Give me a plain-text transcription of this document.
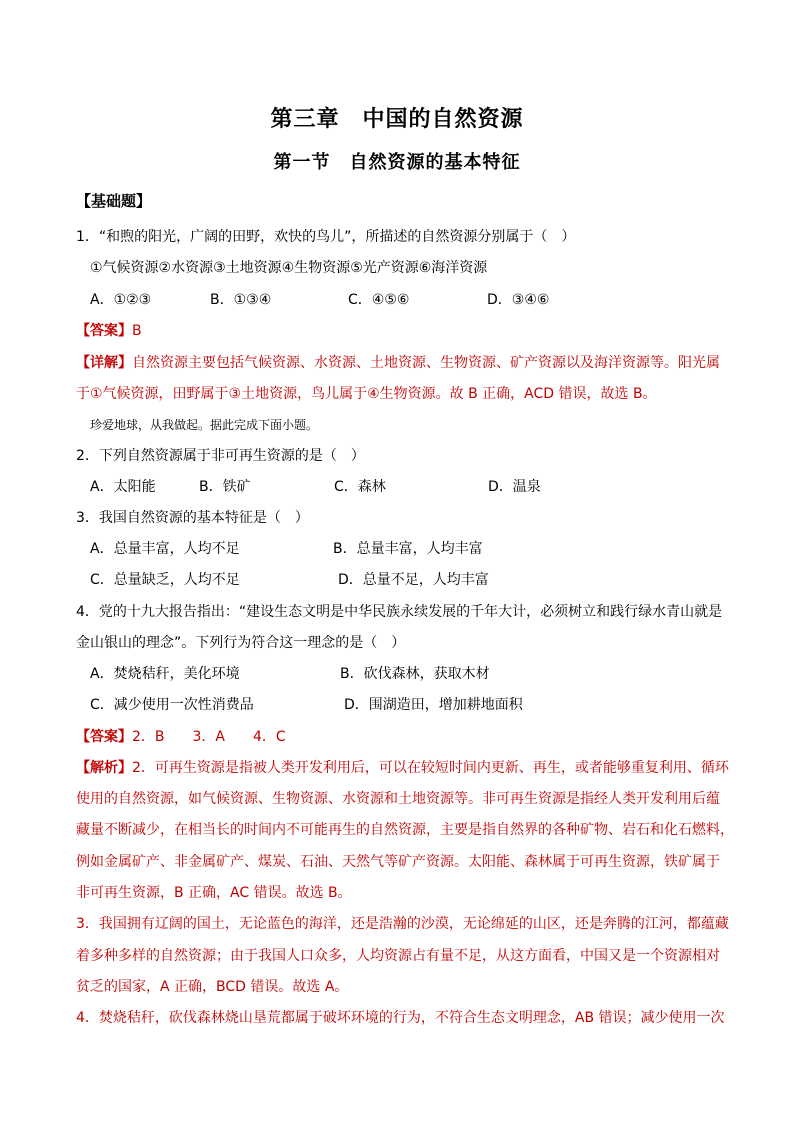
第三章　中国的自然资源
第一节　自然资源的基本特征
【基础题】
1．“和煦的阳光，广阔的田野，欢快的鸟儿”，所描述的自然资源分别属于（　）
①气候资源②水资源③土地资源④生物资源⑤光产资源⑥海洋资源
A．①②③	B．①③④	C．④⑤⑥	D．③④⑥
【答案】B
【详解】自然资源主要包括气候资源、水资源、土地资源、生物资源、矿产资源以及海洋资源等。阳光属
于①气候资源，田野属于③土地资源，鸟儿属于④生物资源。故 B 正确，ACD 错误，故选 B。
珍爱地球，从我做起。据此完成下面小题。
2．下列自然资源属于非可再生资源的是（　）
A．太阳能	B．铁矿	C．森林	D．温泉
3．我国自然资源的基本特征是（　）
A．总量丰富，人均不足	B．总量丰富，人均丰富
C．总量缺乏，人均不足	D．总量不足，人均丰富
4．党的十九大报告指出：“建设生态文明是中华民族永续发展的千年大计，必须树立和践行绿水青山就是
金山银山的理念”。下列行为符合这一理念的是（　）
A．焚烧秸秆，美化环境	B．砍伐森林，获取木材
C．减少使用一次性消费品	D．围湖造田，增加耕地面积
【答案】2．B　　3．A　　4．C
【解析】2．可再生资源是指被人类开发利用后，可以在较短时间内更新、再生，或者能够重复利用、循环
使用的自然资源，如气候资源、生物资源、水资源和土地资源等。非可再生资源是指经人类开发利用后蕴
藏量不断减少，在相当长的时间内不可能再生的自然资源，主要是指自然界的各种矿物、岩石和化石燃料，
例如金属矿产、非金属矿产、煤炭、石油、天然气等矿产资源。太阳能、森林属于可再生资源，铁矿属于
非可再生资源，B 正确，AC 错误。故选 B。
3．我国拥有辽阔的国土，无论蓝色的海洋，还是浩瀚的沙漠，无论绵延的山区，还是奔腾的江河，都蕴藏
着多种多样的自然资源；由于我国人口众多，人均资源占有量不足，从这方面看，中国又是一个资源相对
贫乏的国家，A 正确，BCD 错误。故选 A。
4．焚烧秸秆，砍伐森林烧山垦荒都属于破坏环境的行为，不符合生态文明理念，AB 错误；减少使用一次
